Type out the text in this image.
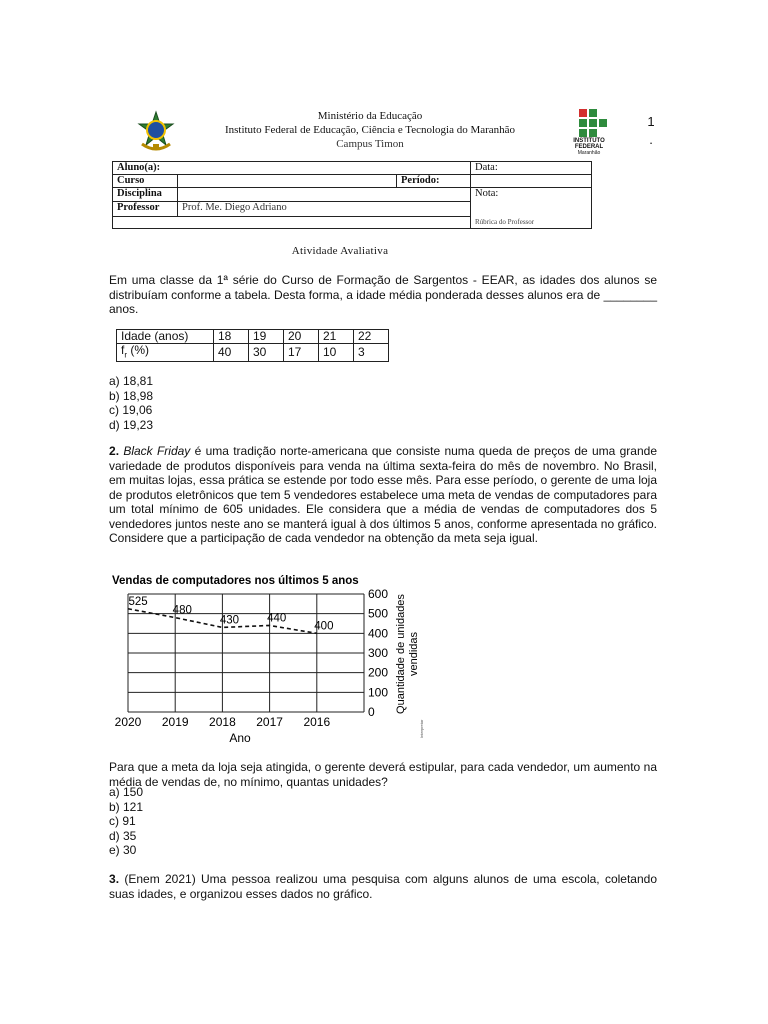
Ministério da Educação
Instituto Federal de Educação, Ciência e Tecnologia do Maranhão
Campus Timon	INSTITUTO
FEDERAL
Maranhão
1
.
Aluno(a):			Data:
Curso		Período:	
Disciplina			Nota:
Rúbrica do Professor

Professor	Prof. Me. Diego Adriano		

Atividade Avaliativa
Em uma classe da 1ª série do Curso de Formação de Sargentos - EEAR, as idades dos alunos se distribuíam conforme a tabela. Desta forma, a idade média ponderada desses alunos era de ________ anos.
Idade (anos)	18	19	20	21	22
$f_r$ (%)	40	30	17	10	3
a) 18,81
b) 18,98
c) 19,06
d) 19,23
2. Black Friday é uma tradição norte-americana que consiste numa queda de preços de uma grande variedade de produtos disponíveis para venda na última sexta-feira do mês de novembro. No Brasil, em muitas lojas, essa prática se estende por todo esse mês. Para esse período, o gerente de uma loja de produtos eletrônicos que tem 5 vendedores estabelece uma meta de vendas de computadores para um total mínimo de 605 unidades. Ele considera que a média de vendas de computadores dos 5 vendedores juntos neste ano se manterá igual à dos últimos 5 anos, conforme apresentada no gráfico. Considere que a participação de cada vendedor na obtenção da meta seja igual.
Vendas de computadores nos últimos 5 anos
0
100
200
300
400
500
600
2020 2019 2018 2017 2016
525
480
430 440
400
Ano
Quantidade de unidadesvendidas
Interpretar
Para que a meta da loja seja atingida, o gerente deverá estipular, para cada vendedor, um aumento na média de vendas de, no mínimo, quantas unidades?
a) 150
b) 121
c) 91
d) 35
e) 30
3. (Enem 2021) Uma pessoa realizou uma pesquisa com alguns alunos de uma escola, coletando suas idades, e organizou esses dados no gráfico.
